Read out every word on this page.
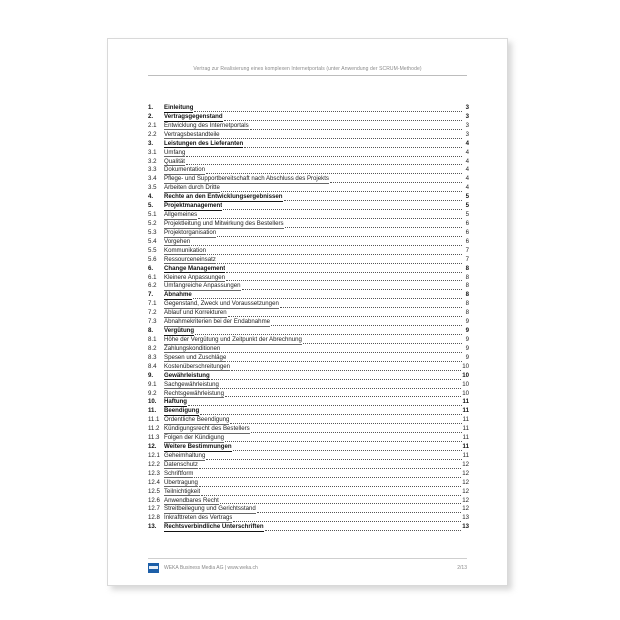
Vertrag zur Realisierung eines komplexen Internetportals (unter Anwendung der SCRUM-Methode)
1.	Einleitung	3
2.	Vertragsgegenstand	3
2.1	Entwicklung des Internetportals	3
2.2	Vertragsbestandteile	3
3.	Leistungen des Lieferanten	4
3.1	Umfang	4
3.2	Qualität	4
3.3	Dokumentation	4
3.4	Pflege- und Supportbereitschaft nach Abschluss des Projekts	4
3.5	Arbeiten durch Dritte	4
4.	Rechte an den Entwicklungsergebnissen	5
5.	Projektmanagement	5
5.1	Allgemeines	5
5.2	Projektleitung und Mitwirkung des Bestellers	6
5.3	Projektorganisation	6
5.4	Vorgehen	6
5.5	Kommunikation	7
5.6	Ressourceneinsatz	7
6.	Change Management	8
6.1	Kleinere Anpassungen	8
6.2	Umfangreiche Anpassungen	8
7.	Abnahme	8
7.1	Gegenstand, Zweck und Voraussetzungen	8
7.2	Ablauf und Korrekturen	8
7.3	Abnahmekriterien bei der Endabnahme	9
8.	Vergütung	9
8.1	Höhe der Vergütung und Zeitpunkt der Abrechnung	9
8.2	Zahlungskonditionen	9
8.3	Spesen und Zuschläge	9
8.4	Kostenüberschreitungen	10
9.	Gewährleistung	10
9.1	Sachgewährleistung	10
9.2	Rechtsgewährleistung	10
10.	Haftung	11
11.	Beendigung	11
11.1 Ordentliche Beendigung	11
11.2 Kündigungsrecht des Bestellers	11
11.3 Folgen der Kündigung	11
12.	Weitere Bestimmungen	11
12.1 Geheimhaltung	11
12.2 Datenschutz	12
12.3 Schriftform	12
12.4 Übertragung	12
12.5 Teilnichtigkeit	12
12.6 Anwendbares Recht	12
12.7 Streitbeilegung und Gerichtsstand	12
12.8 Inkrafttreten des Vertrags	13
13.	Rechtsverbindliche Unterschriften	13
WEKA Business Media AG | www.weka.ch	2/13
